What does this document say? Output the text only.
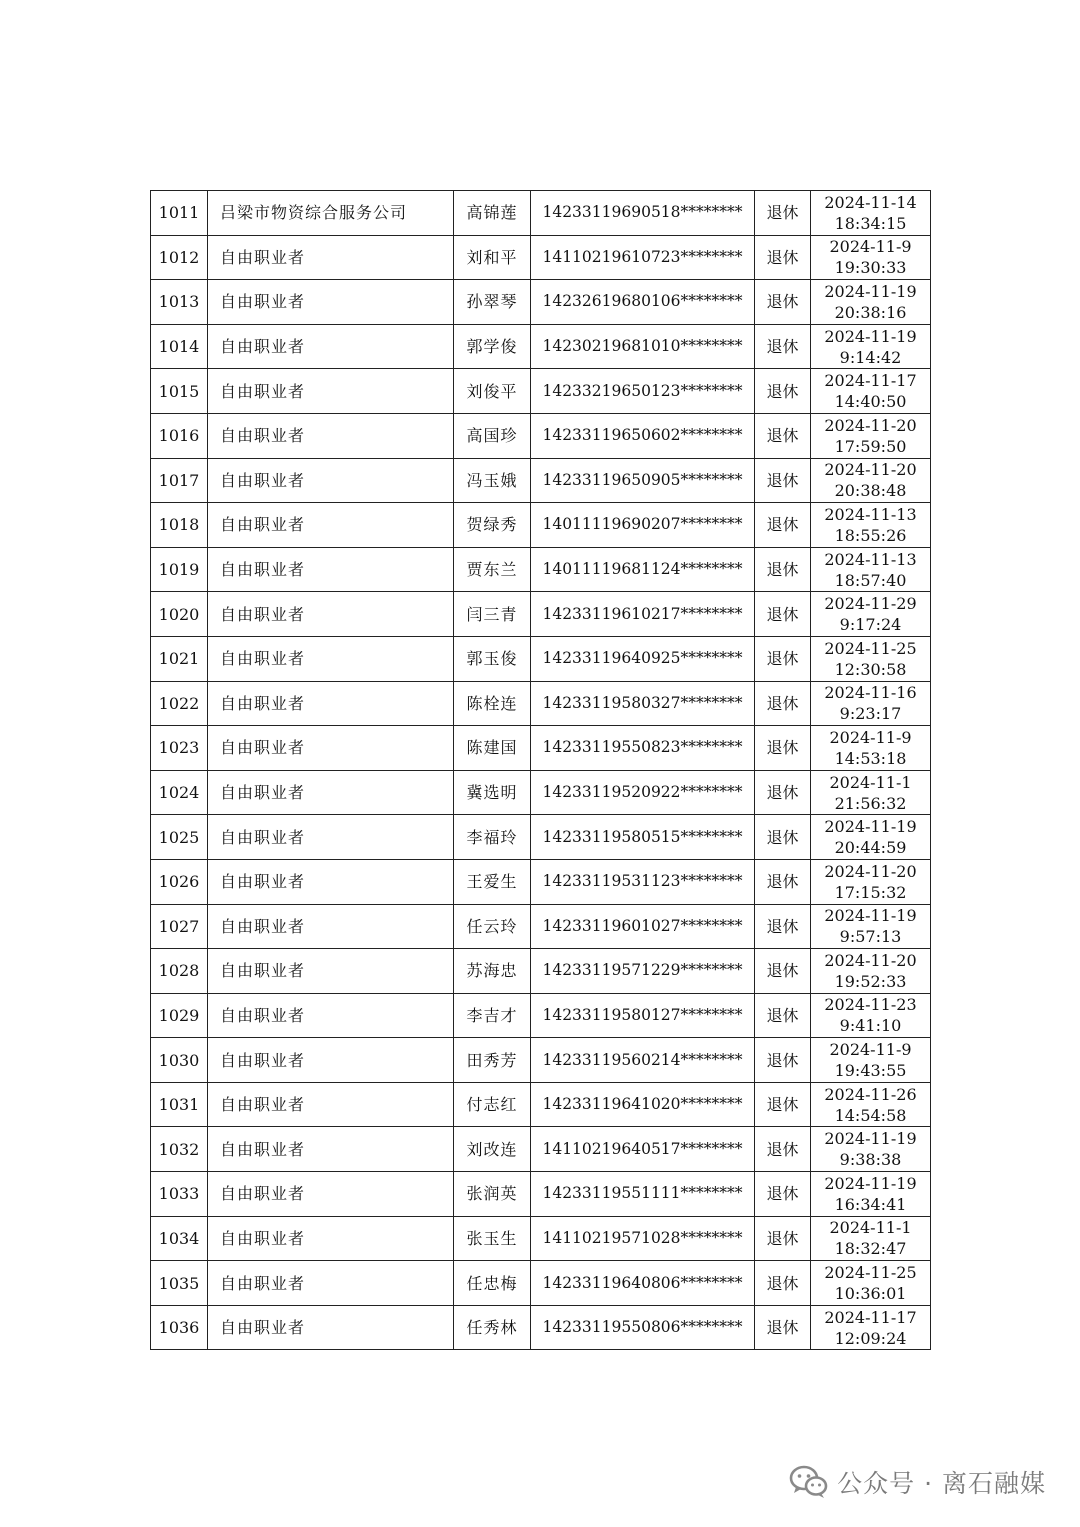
1011	吕梁市物资综合服务公司	高锦莲	14233119690518********	退休	2024-11-14
18:34:15

1012	自由职业者	刘和平	14110219610723********	退休	2024-11-9
19:30:33

1013	自由职业者	孙翠琴	14232619680106********	退休	2024-11-19
20:38:16

1014	自由职业者	郭学俊	14230219681010********	退休	2024-11-19
9:14:42

1015	自由职业者	刘俊平	14233219650123********	退休	2024-11-17
14:40:50

1016	自由职业者	高国珍	14233119650602********	退休	2024-11-20
17:59:50

1017	自由职业者	冯玉娥	14233119650905********	退休	2024-11-20
20:38:48

1018	自由职业者	贺绿秀	14011119690207********	退休	2024-11-13
18:55:26

1019	自由职业者	贾东兰	14011119681124********	退休	2024-11-13
18:57:40

1020	自由职业者	闫三青	14233119610217********	退休	2024-11-29
9:17:24

1021	自由职业者	郭玉俊	14233119640925********	退休	2024-11-25
12:30:58

1022	自由职业者	陈栓连	14233119580327********	退休	2024-11-16
9:23:17

1023	自由职业者	陈建国	14233119550823********	退休	2024-11-9
14:53:18

1024	自由职业者	冀选明	14233119520922********	退休	2024-11-1
21:56:32

1025	自由职业者	李福玲	14233119580515********	退休	2024-11-19
20:44:59

1026	自由职业者	王爱生	14233119531123********	退休	2024-11-20
17:15:32

1027	自由职业者	任云玲	14233119601027********	退休	2024-11-19
9:57:13

1028	自由职业者	苏海忠	14233119571229********	退休	2024-11-20
19:52:33

1029	自由职业者	李吉才	14233119580127********	退休	2024-11-23
9:41:10

1030	自由职业者	田秀芳	14233119560214********	退休	2024-11-9
19:43:55

1031	自由职业者	付志红	14233119641020********	退休	2024-11-26
14:54:58

1032	自由职业者	刘改连	14110219640517********	退休	2024-11-19
9:38:38

1033	自由职业者	张润英	14233119551111********	退休	2024-11-19
16:34:41

1034	自由职业者	张玉生	14110219571028********	退休	2024-11-1
18:32:47

1035	自由职业者	任忠梅	14233119640806********	退休	2024-11-25
10:36:01

1036	自由职业者	任秀林	14233119550806********	退休	2024-11-17
12:09:24
公众号 · 离石融媒
